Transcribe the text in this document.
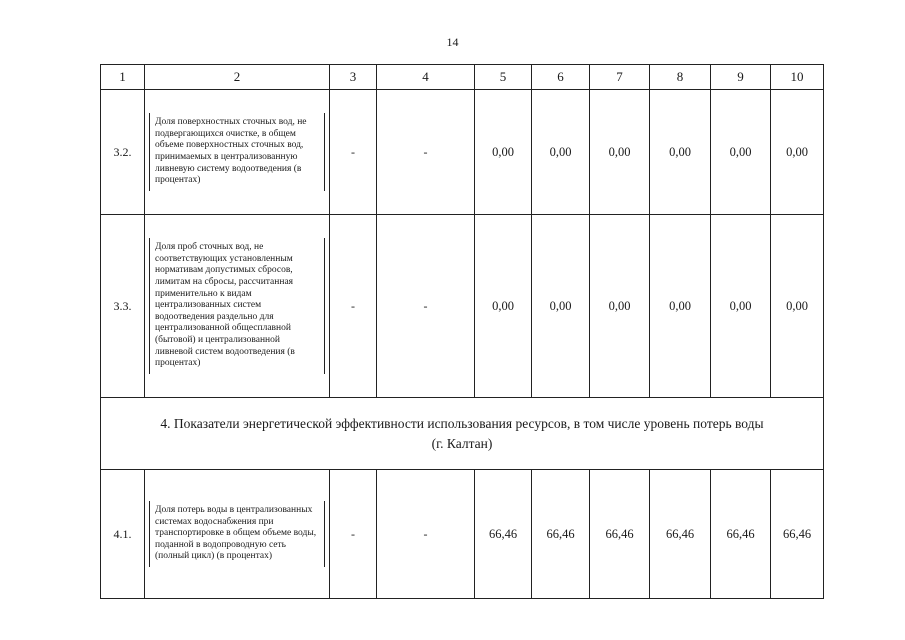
14
1	2	3	4	5	6	7	8	9	10
3.2.	Доля поверхностных сточных вод, не подвергающихся очистке, в общем объеме поверхностных сточных вод, принимаемых в централизованную ливневую систему водоотведения (в процентах)	-	-	0,00	0,00	0,00	0,00	0,00	0,00
3.3.	Доля проб сточных вод, не соответствующих установленным нормативам допустимых сбросов, лимитам на сбросы, рассчитанная применительно к видам централизованных систем водоотведения раздельно для централизованной общесплавной (бытовой) и централизованной ливневой систем водоотведения (в процентах)	-	-	0,00	0,00	0,00	0,00	0,00	0,00

4. Показатели энергетической эффективности использования ресурсов, в том числе уровень потерь воды
(г. Калтан)									

4.1.	Доля потерь воды в централизованных системах водоснабжения при транспортировке в общем объеме воды, поданной в водопроводную сеть (полный цикл) (в процентах)	-	-	66,46	66,46	66,46	66,46	66,46	66,46
